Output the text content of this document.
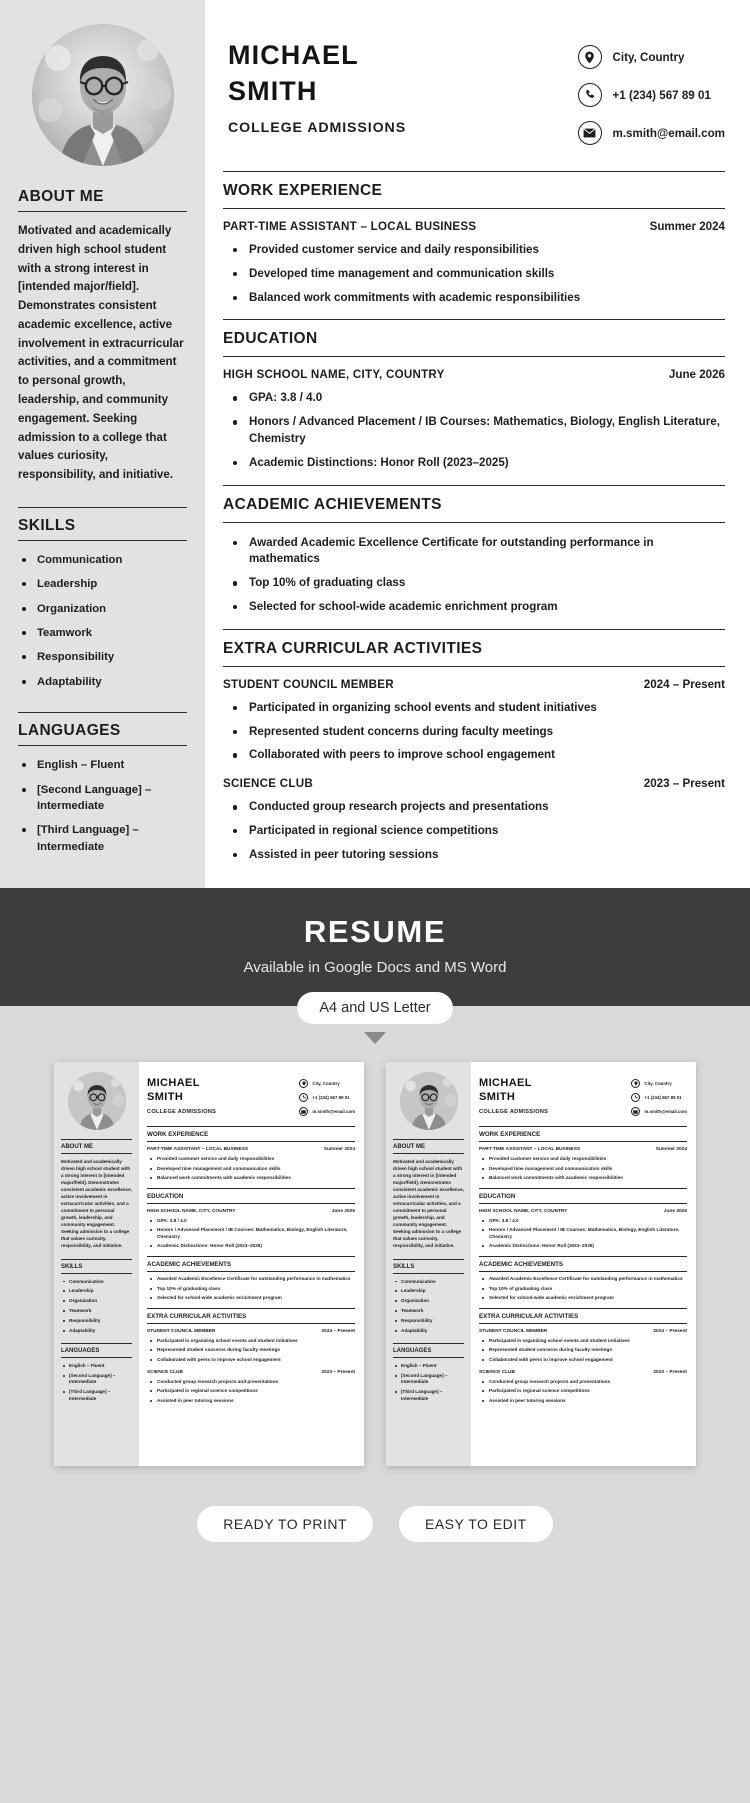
ABOUT ME
Motivated and academically driven high school student with a strong interest in [intended major/field]. Demonstrates consistent academic excellence, active involvement in extracurricular activities, and a commitment to personal growth, leadership, and community engagement. Seeking admission to a college that values curiosity, responsibility, and initiative.
SKILLS
Communication
Leadership
Organization
Teamwork
Responsibility
Adaptability
LANGUAGES
English – Fluent
[Second Language] – Intermediate
[Third Language] – Intermediate
MICHAEL
SMITH
COLLEGE ADMISSIONS
City, Country
+1 (234) 567 89 01
m.smith@email.com
WORK EXPERIENCE
PART-TIME ASSISTANT – LOCAL BUSINESS	Summer 2024
Provided customer service and daily responsibilities
Developed time management and communication skills
Balanced work commitments with academic responsibilities
EDUCATION
HIGH SCHOOL NAME, CITY, COUNTRY	June 2026
GPA: 3.8 / 4.0
Honors / Advanced Placement / IB Courses: Mathematics, Biology, English Literature, Chemistry
Academic Distinctions: Honor Roll (2023–2025)
ACADEMIC ACHIEVEMENTS
Awarded Academic Excellence Certificate for outstanding performance in mathematics
Top 10% of graduating class
Selected for school-wide academic enrichment program
EXTRA CURRICULAR ACTIVITIES
STUDENT COUNCIL MEMBER	2024 – Present
Participated in organizing school events and student initiatives
Represented student concerns during faculty meetings
Collaborated with peers to improve school engagement
SCIENCE CLUB	2023 – Present
Conducted group research projects and presentations
Participated in regional science competitions
Assisted in peer tutoring sessions
RESUME
Available in Google Docs and MS Word
A4 and US Letter
ABOUT ME
Motivated and academically driven high school student with a strong interest in [intended major/field]. Demonstrates consistent academic excellence, active involvement in extracurricular activities, and a commitment to personal growth, leadership, and community engagement. Seeking admission to a college that values curiosity, responsibility, and initiative.
SKILLS
Communication
Leadership
Organization
Teamwork
Responsibility
Adaptability
LANGUAGES
English – Fluent
[Second Language] – Intermediate
[Third Language] – Intermediate
MICHAEL
SMITH
COLLEGE ADMISSIONS
City, Country
+1 (234) 567 89 01
m.smith@email.com
WORK EXPERIENCE
PART-TIME ASSISTANT – LOCAL BUSINESS	Summer 2024
Provided customer service and daily responsibilities
Developed time management and communication skills
Balanced work commitments with academic responsibilities
EDUCATION
HIGH SCHOOL NAME, CITY, COUNTRY	June 2026
GPA: 3.8 / 4.0
Honors / Advanced Placement / IB Courses: Mathematics, Biology, English Literature, Chemistry
Academic Distinctions: Honor Roll (2023–2025)
ACADEMIC ACHIEVEMENTS
Awarded Academic Excellence Certificate for outstanding performance in mathematics
Top 10% of graduating class
Selected for school-wide academic enrichment program
EXTRA CURRICULAR ACTIVITIES
STUDENT COUNCIL MEMBER	2024 – Present
Participated in organizing school events and student initiatives
Represented student concerns during faculty meetings
Collaborated with peers to improve school engagement
SCIENCE CLUB	2023 – Present
Conducted group research projects and presentations
Participated in regional science competitions
Assisted in peer tutoring sessions
ABOUT ME
Motivated and academically driven high school student with a strong interest in [intended major/field]. Demonstrates consistent academic excellence, active involvement in extracurricular activities, and a commitment to personal growth, leadership, and community engagement. Seeking admission to a college that values curiosity, responsibility, and initiative.
SKILLS
Communication
Leadership
Organization
Teamwork
Responsibility
Adaptability
LANGUAGES
English – Fluent
[Second Language] – Intermediate
[Third Language] – Intermediate
MICHAEL
SMITH
COLLEGE ADMISSIONS
City, Country
+1 (234) 567 89 01
m.smith@email.com
WORK EXPERIENCE
PART-TIME ASSISTANT – LOCAL BUSINESS	Summer 2024
Provided customer service and daily responsibilities
Developed time management and communication skills
Balanced work commitments with academic responsibilities
EDUCATION
HIGH SCHOOL NAME, CITY, COUNTRY	June 2026
GPA: 3.8 / 4.0
Honors / Advanced Placement / IB Courses: Mathematics, Biology, English Literature, Chemistry
Academic Distinctions: Honor Roll (2023–2025)
ACADEMIC ACHIEVEMENTS
Awarded Academic Excellence Certificate for outstanding performance in mathematics
Top 10% of graduating class
Selected for school-wide academic enrichment program
EXTRA CURRICULAR ACTIVITIES
STUDENT COUNCIL MEMBER	2024 – Present
Participated in organizing school events and student initiatives
Represented student concerns during faculty meetings
Collaborated with peers to improve school engagement
SCIENCE CLUB	2023 – Present
Conducted group research projects and presentations
Participated in regional science competitions
Assisted in peer tutoring sessions
READY TO PRINT	EASY TO EDIT
